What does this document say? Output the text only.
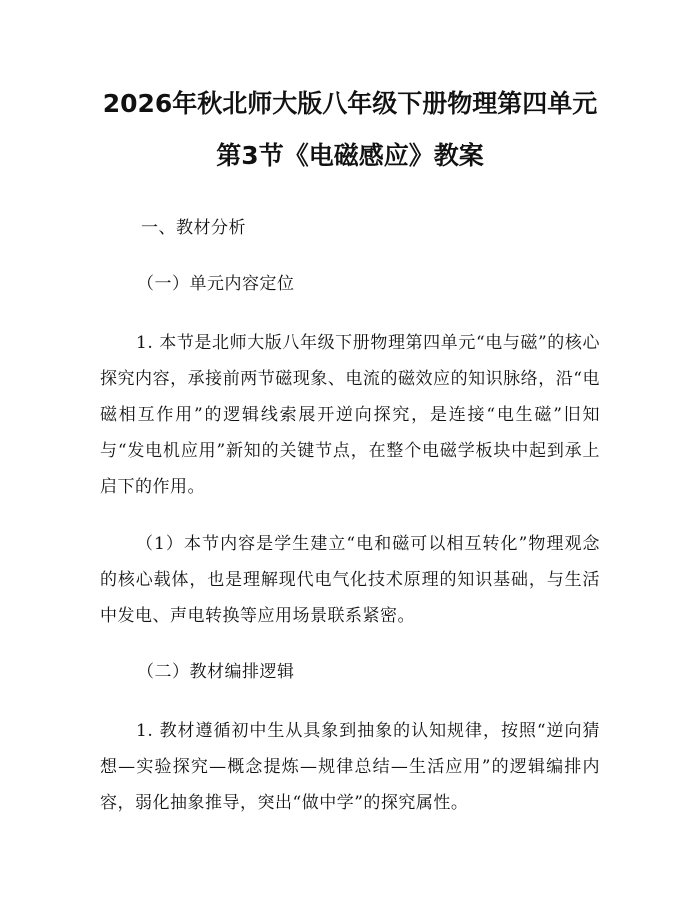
2026年秋北师大版八年级下册物理第四单元
第3节《电磁感应》教案

一、教材分析

（一）单元内容定位

1. 本节是北师大版八年级下册物理第四单元“电与磁”的核心探究内容，承接前两节磁现象、电流的磁效应的知识脉络，沿“电磁相互作用”的逻辑线索展开逆向探究，是连接“电生磁”旧知与“发电机应用”新知的关键节点，在整个电磁学板块中起到承上启下的作用。

（1）本节内容是学生建立“电和磁可以相互转化”物理观念的核心载体，也是理解现代电气化技术原理的知识基础，与生活中发电、声电转换等应用场景联系紧密。

（二）教材编排逻辑

1. 教材遵循初中生从具象到抽象的认知规律，按照“逆向猜想—实验探究—概念提炼—规律总结—生活应用”的逻辑编排内容，弱化抽象推导，突出“做中学”的探究属性。
